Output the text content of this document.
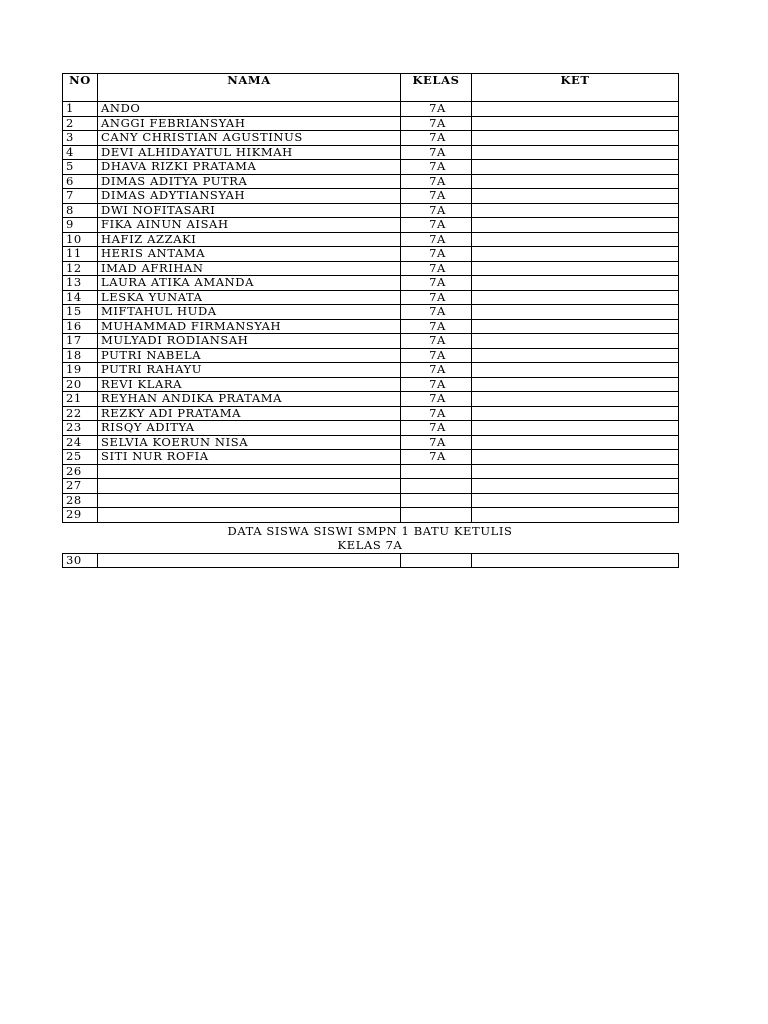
NO	NAMA	KELAS	KET
1	ANDO	7A	
2	ANGGI FEBRIANSYAH	7A	
3	CANY CHRISTIAN AGUSTINUS	7A	
4	DEVI ALHIDAYATUL HIKMAH	7A	
5	DHAVA RIZKI PRATAMA	7A	
6	DIMAS ADITYA PUTRA	7A	
7	DIMAS ADYTIANSYAH	7A	
8	DWI NOFITASARI	7A	
9	FIKA AINUN AISAH	7A	
10	HAFIZ AZZAKI	7A	
11	HERIS ANTAMA	7A	
12	IMAD AFRIHAN	7A	
13	LAURA ATIKA AMANDA	7A	
14	LESKA YUNATA	7A	
15	MIFTAHUL HUDA	7A	
16	MUHAMMAD FIRMANSYAH	7A	
17	MULYADI RODIANSAH	7A	
18	PUTRI NABELA	7A	
19	PUTRI RAHAYU	7A	
20	REVI KLARA	7A	
21	REYHAN ANDIKA PRATAMA	7A	
22	REZKY ADI PRATAMA	7A	
23	RISQY ADITYA	7A	
24	SELVIA KOERUN NISA	7A	
25	SITI NUR ROFIA	7A	
26			
27			
28			
29			
DATA SISWA SISWI SMPN 1 BATU KETULIS
KELAS 7A
30			
